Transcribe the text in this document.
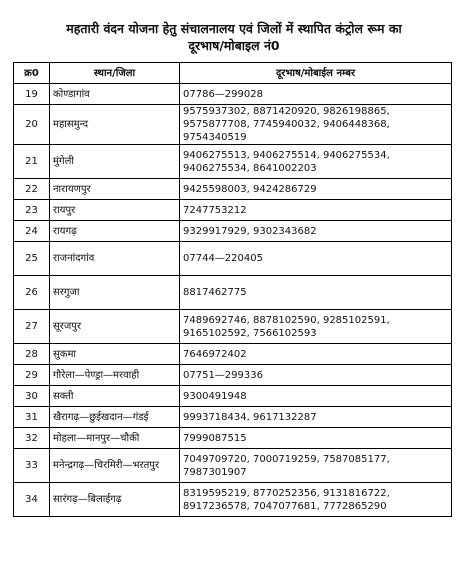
महतारी वंदन योजना हेतु संचालनालय एवं जिलों में स्थापित कंट्रोल रूम का
दूरभाष/मोबाइल नं0
क्र0	स्थान/जिला	दूरभाष/मोबाईल नम्बर
19	कोण्डागांव	07786—299028
20	महासमुन्द	9575937302, 8871420920, 9826198865, 9575877708, 7745940032, 9406448368, 9754340519
21	मुंगेली	9406275513, 9406275514, 9406275534, 9406275534, 8641002203
22	नारायणपुर	9425598003, 9424286729
23	रायपुर	7247753212
24	रायगढ़	9329917929, 9302343682
25	राजनांदगांव	07744—220405
26	सरगुजा	8817462775
27	सूरजपुर	7489692746, 8878102590, 9285102591, 9165102592, 7566102593
28	सुकमा	7646972402
29	गौरेला—पेण्ड्रा—मरवाही	07751—299336
30	सक्ती	9300491948
31	खैरागढ़—छुईखदान—गंडई	9993718434, 9617132287
32	मोहला—मानपुर—चौकी	7999087515
33	मनेन्द्रगढ़—चिरमिरी—भरतपुर	7049709720, 7000719259, 7587085177, 7987301907
34	सारंगढ़—बिलाईगढ़	8319595219, 8770252356, 9131816722, 8917236578, 7047077681, 7772865290
